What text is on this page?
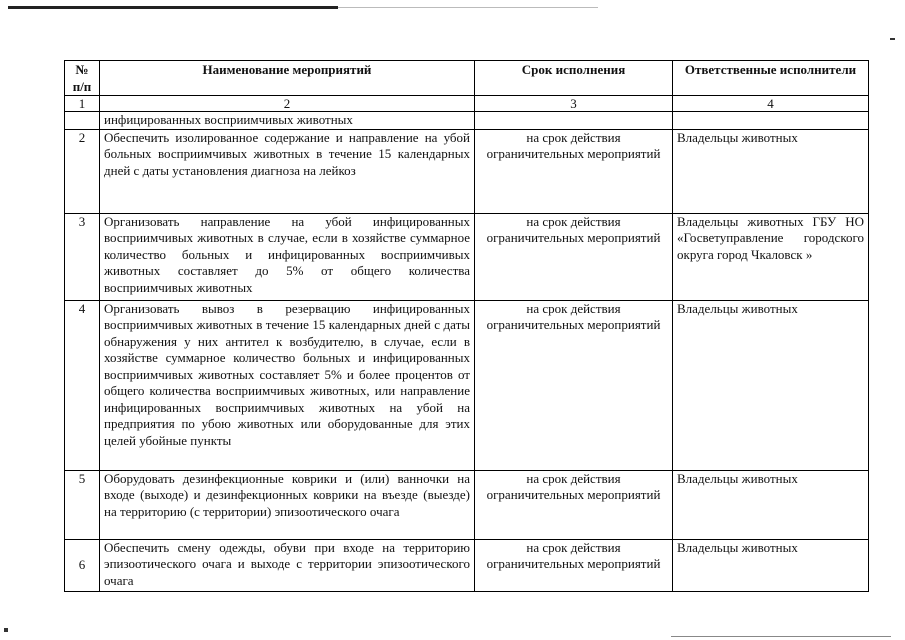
№ п/п	Наименование мероприятий	Срок исполнения	Ответственные исполнители
1	2	3	4
	инфицированных восприимчивых животных		
2	Обеспечить изолированное содержание и направление на убой больных восприимчивых животных в течение 15 календарных дней с даты установления диагноза на лейкоз	на срок действия ограничительных мероприятий	Владельцы животных
3	Организовать направление на убой инфицированных восприимчивых животных в случае, если в хозяйстве суммарное количество больных и инфицированных восприимчивых животных составляет до 5% от общего количества восприимчивых животных	на срок действия ограничительных мероприятий	Владельцы животных ГБУ НО «Госветуправление городского округа город Чкаловск »
4	Организовать вывоз в резервацию инфицированных восприимчивых животных в течение 15 календарных дней с даты обнаружения у них антител к возбудителю, в случае, если в хозяйстве суммарное количество больных и инфицированных восприимчивых животных составляет 5% и более процентов от общего количества восприимчивых животных, или направление инфицированных восприимчивых животных на убой на предприятия по убою животных или оборудованные для этих целей убойные пункты	на срок действия ограничительных мероприятий	Владельцы животных
5	Оборудовать дезинфекционные коврики и (или) ванночки на входе (выходе) и дезинфекционных коврики на въезде (выезде) на территорию (с территории) эпизоотического очага	на срок действия ограничительных мероприятий	Владельцы животных
6	Обеспечить смену одежды, обуви при входе на территорию эпизоотического очага и выходе с территории эпизоотического очага	на срок действия ограничительных мероприятий	Владельцы животных
